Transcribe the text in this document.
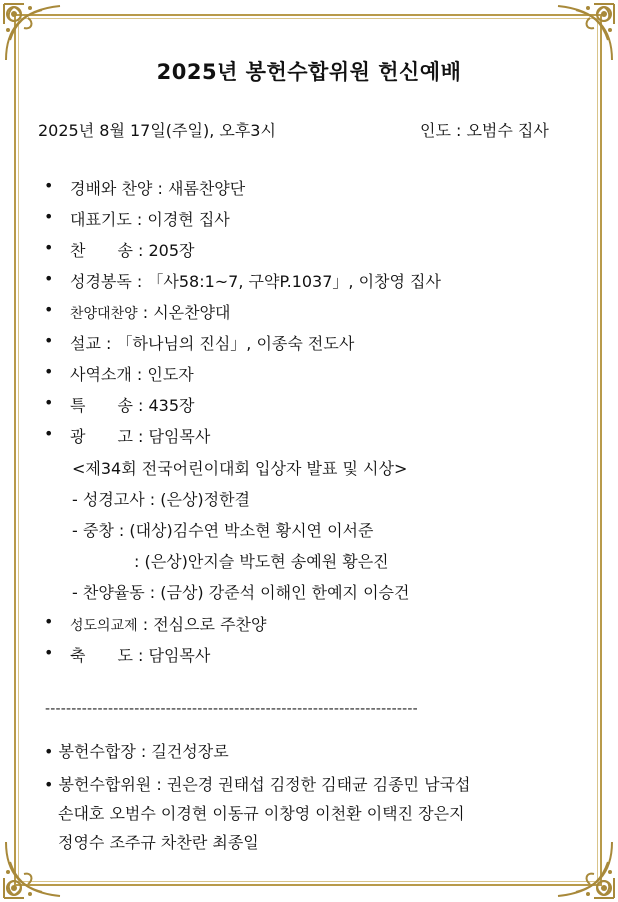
2025년 봉헌수합위원 헌신예배
2025년 8월 17일(주일), 오후3시	인도 : 오범수 집사
• 경배와 찬양 : 새롬찬양단
• 대표기도 : 이경현 집사
• 찬　　송 : 205장
• 성경봉독 : 「사58:1~7, 구약P.1037」, 이창영 집사
• 찬양대찬양 : 시온찬양대
• 설교 : 「하나님의 진심」, 이종숙 전도사
• 사역소개 : 인도자
• 특　　송 : 435장
• 광　　고 : 담임목사
<제34회 전국어린이대회 입상자 발표 및 시상>
- 성경고사 : (은상)정한결
- 중창 : (대상)김수연 박소현 황시연 이서준
: (은상)안지슬 박도현 송예원 황은진
- 찬양율동 : (금상) 강준석 이해인 한예지 이승건
• 성도의교제 : 전심으로 주찬양
• 축　　도 : 담임목사
-----------------------------------------------------------------------
• 봉헌수합장 : 길건성장로
• 봉헌수합위원 : 권은경 권태섭 김정한 김태균 김종민 남국섭
손대호 오범수 이경현 이동규 이창영 이천환 이택진 장은지
정영수 조주규 차찬란 최종일
